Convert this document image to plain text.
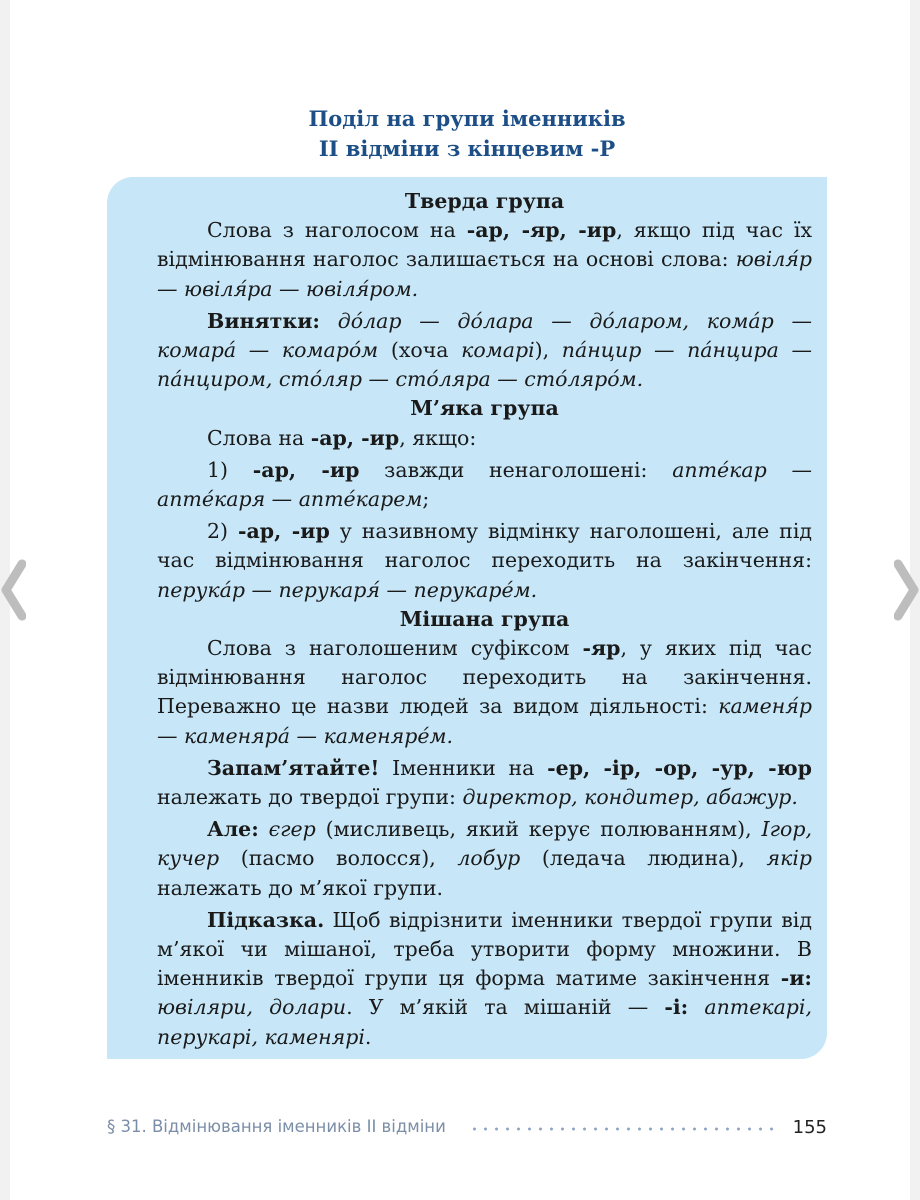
Поділ на групи іменників
II відміни з кінцевим -Р

Тверда група

Слова з наголосом на -ар, -яр, -ир, якщо під час їх відмінювання наголос залишається на основі слова: ювіля́р — ювіля́ра — ювіля́ром.

Винятки: до́лар — до́лара — до́ларом, кома́р — комара́ — комаро́м (хоча комарі), па́нцир — па́нцира — па́нциром, сто́ляр — сто́ляра — сто́лярóм.

М’яка група

Слова на -ар, -ир, якщо:

1) -ар, -ир завжди ненаголошені: апте́кар — апте́каря — апте́карем;

2) -ар, -ир у називному відмінку наголошені, але під час відмінювання наголос переходить на закінчення: перука́р — перукаря́ — перукаре́м.

Мішана група

Слова з наголошеним суфіксом -яр, у яких під час відмінювання наголос переходить на закінчення. Переважно це назви людей за видом діяльності: каменя́р — каменяра́ — каменяре́м.

Запам’ятайте! Іменники на -ер, -ір, -ор, -ур, -юр належать до твердої групи: директор, кондитер, абажур.

Але: єгер (мисливець, який керує полюванням), Ігор, кучер (пасмо волосся), лобур (ледача людина), якір належать до м’якої групи.

Підказка. Щоб відрізнити іменники твердої групи від м’якої чи мішаної, треба утворити форму множини. В іменників твердої групи ця форма матиме закінчення -и: ювіляри, долари. У м’якій та мішаній — -і: аптекарі, перукарі, каменярі.

§ 31. Відмінювання іменників ІІ відміни	155
